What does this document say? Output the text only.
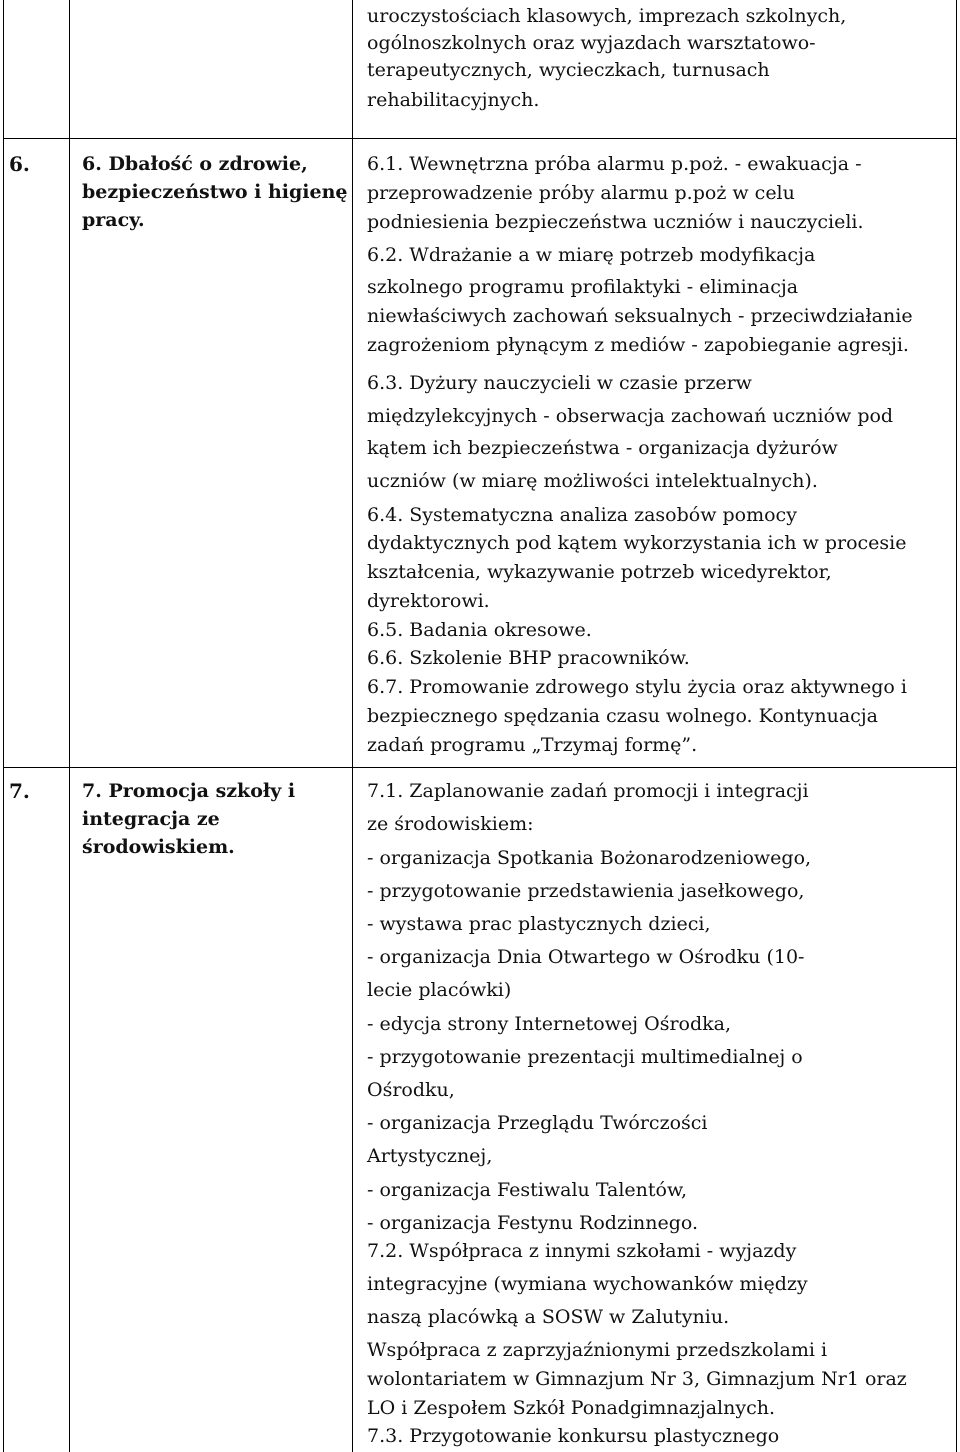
uroczystościach klasowych, imprezach szkolnych,
ogólnoszkolnych oraz wyjazdach warsztatowo-
terapeutycznych, wycieczkach, turnusach
rehabilitacyjnych.
6.	6. Dbałość o zdrowie,
bezpieczeństwo i higienę
pracy.
6.1. Wewnętrzna próba alarmu p.poż. - ewakuacja -
przeprowadzenie próby alarmu p.poż w celu
podniesienia bezpieczeństwa uczniów i nauczycieli.
6.2. Wdrażanie a w miarę potrzeb modyfikacja
szkolnego programu profilaktyki - eliminacja
niewłaściwych zachowań seksualnych - przeciwdziałanie
zagrożeniom płynącym z mediów - zapobieganie agresji.
6.3. Dyżury nauczycieli w czasie przerw
międzylekcyjnych - obserwacja zachowań uczniów pod
kątem ich bezpieczeństwa - organizacja dyżurów
uczniów (w miarę możliwości intelektualnych).
6.4. Systematyczna analiza zasobów pomocy
dydaktycznych pod kątem wykorzystania ich w procesie
kształcenia, wykazywanie potrzeb wicedyrektor,
dyrektorowi.
6.5. Badania okresowe.
6.6. Szkolenie BHP pracowników.
6.7. Promowanie zdrowego stylu życia oraz aktywnego i
bezpiecznego spędzania czasu wolnego. Kontynuacja
zadań programu „Trzymaj formę”.
7.	7. Promocja szkoły i
integracja ze
środowiskiem.
7.1. Zaplanowanie zadań promocji i integracji
ze środowiskiem:
- organizacja Spotkania Bożonarodzeniowego,
- przygotowanie przedstawienia jasełkowego,
- wystawa prac plastycznych dzieci,
- organizacja Dnia Otwartego w Ośrodku (10-
lecie placówki)
- edycja strony Internetowej Ośrodka,
- przygotowanie prezentacji multimedialnej o
Ośrodku,
- organizacja Przeglądu Twórczości
Artystycznej,
- organizacja Festiwalu Talentów,
- organizacja Festynu Rodzinnego.
7.2. Współpraca z innymi szkołami - wyjazdy
integracyjne (wymiana wychowanków między
naszą placówką a SOSW w Zalutyniu.
Współpraca z zaprzyjaźnionymi przedszkolami i
wolontariatem w Gimnazjum Nr 3, Gimnazjum Nr1 oraz
LO i Zespołem Szkół Ponadgimnazjalnych.
7.3. Przygotowanie konkursu plastycznego
